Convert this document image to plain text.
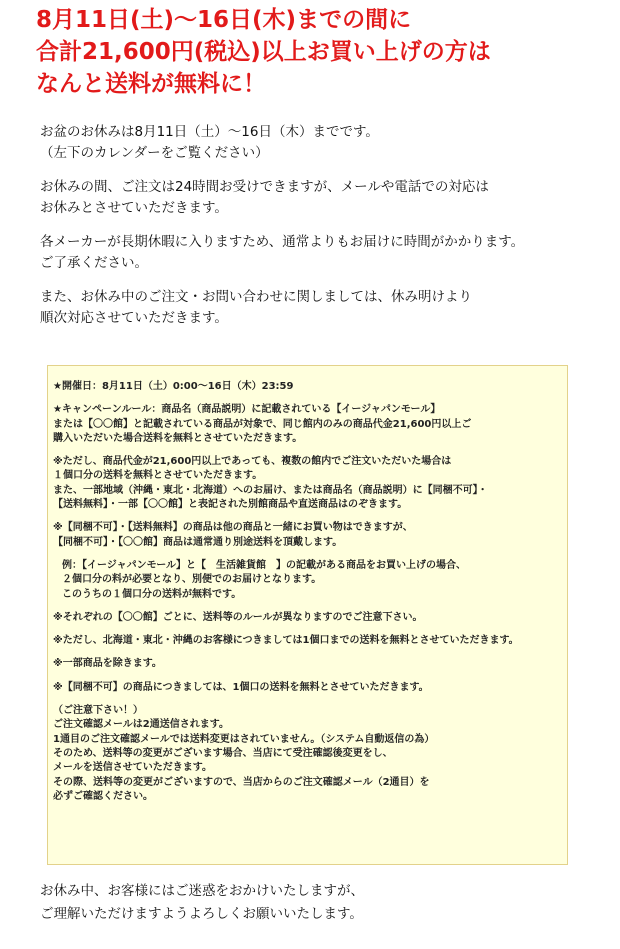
8月11日(土)～16日(木)までの間に
合計21,600円(税込)以上お買い上げの方は
なんと送料が無料に！

お盆のお休みは8月11日（土）～16日（木）までです。
（左下のカレンダーをご覧ください）

お休みの間、ご注文は24時間お受けできますが、メールや電話での対応は
お休みとさせていただきます。

各メーカーが長期休暇に入りますため、通常よりもお届けに時間がかかります。
ご了承ください。

また、お休み中のご注文・お問い合わせに関しましては、休み明けより
順次対応させていただきます。

★開催日：8月11日（土）0:00～16日（木）23:59

★キャンペーンルール：商品名（商品説明）に記載されている【イージャパンモール】
または【〇〇館】と記載されている商品が対象で、同じ館内のみの商品代金21,600円以上ご
購入いただいた場合送料を無料とさせていただきます。

※ただし、商品代金が21,600円以上であっても、複数の館内でご注文いただいた場合は
１個口分の送料を無料とさせていただきます。
また、一部地域（沖縄・東北・北海道）へのお届け、または商品名（商品説明）に【同梱不可】・
【送料無料】・一部【〇〇館】と表記された別館商品や直送商品はのぞきます。

※【同梱不可】・【送料無料】の商品は他の商品と一緒にお買い物はできますが、
【同梱不可】・【〇〇館】商品は通常通り別途送料を頂戴します。

例：【イージャパンモール】と【　生活雑貨館　】の記載がある商品をお買い上げの場合、
２個口分の料が必要となり、別便でのお届けとなります。
このうちの１個口分の送料が無料です。

※それぞれの【〇〇館】ごとに、送料等のルールが異なりますのでご注意下さい。

※ただし、北海道・東北・沖縄のお客様につきましては1個口までの送料を無料とさせていただきます。

※一部商品を除きます。

※【同梱不可】の商品につきましては、1個口の送料を無料とさせていただきます。

（ご注意下さい！）
ご注文確認メールは2通送信されます。
1通目のご注文確認メールでは送料変更はされていません。（システム自動返信の為）
そのため、送料等の変更がございます場合、当店にて受注確認後変更をし、
メールを送信させていただきます。
その際、送料等の変更がございますので、当店からのご注文確認メール（2通目）を
必ずご確認ください。

お休み中、お客様にはご迷惑をおかけいたしますが、
ご理解いただけますようよろしくお願いいたします。
